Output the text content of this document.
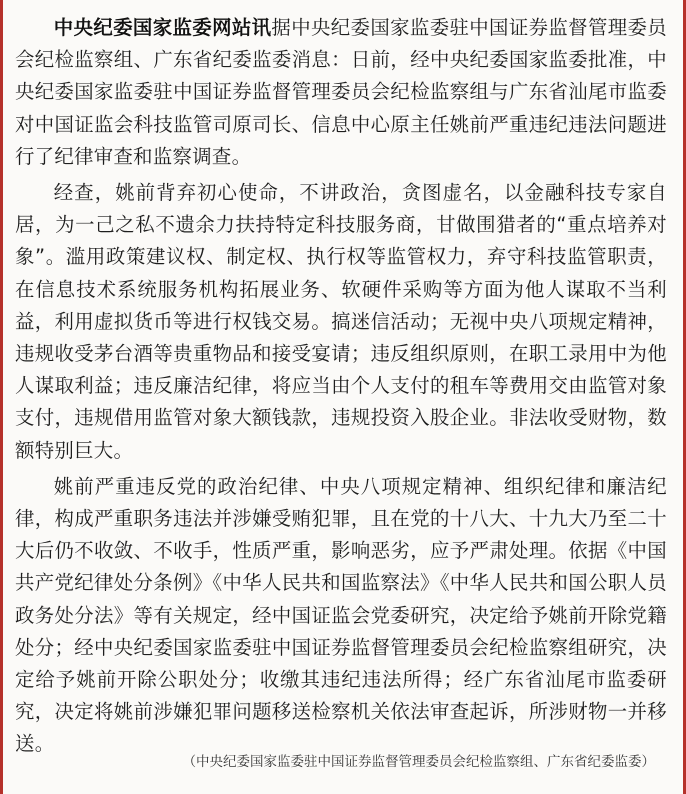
中央纪委国家监委网站讯据中央纪委国家监委驻中国证券监督管理委员会纪检监察组、广东省纪委监委消息：日前，经中央纪委国家监委批准，中央纪委国家监委驻中国证券监督管理委员会纪检监察组与广东省汕尾市监委对中国证监会科技监管司原司长、信息中心原主任姚前严重违纪违法问题进行了纪律审查和监察调查。

经查，姚前背弃初心使命，不讲政治，贪图虚名，以金融科技专家自居，为一己之私不遗余力扶持特定科技服务商，甘做围猎者的“重点培养对象”。滥用政策建议权、制定权、执行权等监管权力，弃守科技监管职责，在信息技术系统服务机构拓展业务、软硬件采购等方面为他人谋取不当利益，利用虚拟货币等进行权钱交易。搞迷信活动；无视中央八项规定精神，违规收受茅台酒等贵重物品和接受宴请；违反组织原则，在职工录用中为他人谋取利益；违反廉洁纪律，将应当由个人支付的租车等费用交由监管对象支付，违规借用监管对象大额钱款，违规投资入股企业。非法收受财物，数额特别巨大。

姚前严重违反党的政治纪律、中央八项规定精神、组织纪律和廉洁纪律，构成严重职务违法并涉嫌受贿犯罪，且在党的十八大、十九大乃至二十大后仍不收敛、不收手，性质严重，影响恶劣，应予严肃处理。依据《中国共产党纪律处分条例》《中华人民共和国监察法》《中华人民共和国公职人员政务处分法》等有关规定，经中国证监会党委研究，决定给予姚前开除党籍处分；经中央纪委国家监委驻中国证券监督管理委员会纪检监察组研究，决定给予姚前开除公职处分；收缴其违纪违法所得；经广东省汕尾市监委研究，决定将姚前涉嫌犯罪问题移送检察机关依法审查起诉，所涉财物一并移送。

（中央纪委国家监委驻中国证券监督管理委员会纪检监察组、广东省纪委监委）
